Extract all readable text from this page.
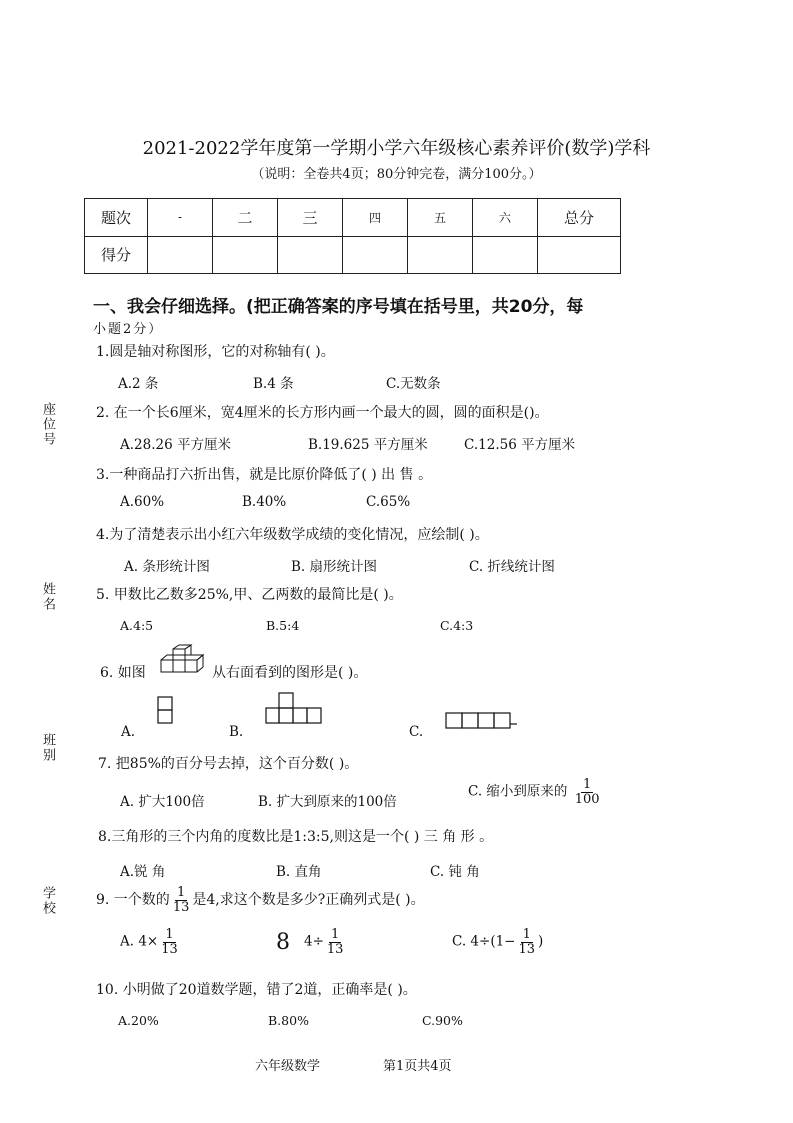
2021-2022学年度第一学期小学六年级核心素养评价(数学)学科
（说明：全卷共4页；80分钟完卷，满分100分。）
题次	-	二	三	四	五	六	总分
得分							
一、我会仔细选择。(把正确答案的序号填在括号里，共20分，每
小题2分）
座位号
姓名
班别
学校
1.圆是轴对称图形，它的对称轴有( )。
A.2 条	B.4 条	C.无数条
2. 在一个长6厘米，宽4厘米的长方形内画一个最大的圆，圆的面积是()。
A.28.26 平方厘米	B.19.625 平方厘米	C.12.56 平方厘米
3.一种商品打六折出售，就是比原价降低了( ) 出 售 。
A.60%	B.40%	C.65%
4.为了清楚表示出小红六年级数学成绩的变化情况，应绘制( )。
A. 条形统计图	B. 扇形统计图	C. 折线统计图
5. 甲数比乙数多25%,甲、乙两数的最简比是( )。
A.4:5	B.5:4	C.4:3
6. 如图	从右面看到的图形是( )。
A.	B.	C.
7. 把85%的百分号去掉，这个百分数( )。
A. 扩大100倍	B. 扩大到原来的100倍
C. 缩小到原来的 $\frac{1}{100}$
8.三角形的三个内角的度数比是1:3:5,则这是一个( ) 三 角 形 。
A.锐 角	B. 直角	C. 钝 角
9. 一个数的 $\frac{1}{13}$ 是4,求这个数是多少?正确列式是( )。
A. $4\times \frac{1}{13}$	8 $4\div \frac{1}{13}$	C. $4\div(1- \frac{1}{13}$ )
10. 小明做了20道数学题，错了2道，正确率是( )。
A.20%	B.80%	C.90%
六年级数学	第1页共4页
